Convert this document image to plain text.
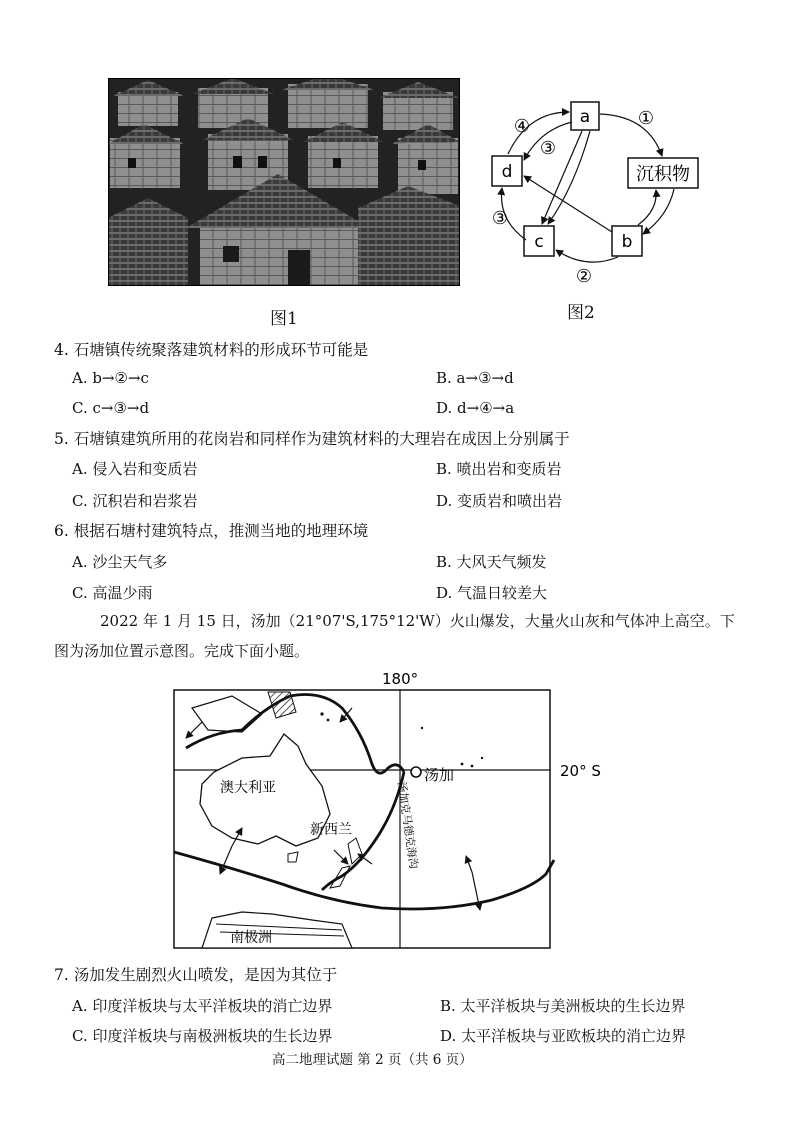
图1
a
沉积物
d
c	b
①
④
③
③
②
图2
4. 石塘镇传统聚落建筑材料的形成环节可能是
A. b→②→c	B. a→③→d
C. c→③→d	D. d→④→a
5. 石塘镇建筑所用的花岗岩和同样作为建筑材料的大理岩在成因上分别属于
A. 侵入岩和变质岩	B. 喷出岩和变质岩
C. 沉积岩和岩浆岩	D. 变质岩和喷出岩
6. 根据石塘村建筑特点，推测当地的地理环境
A. 沙尘天气多	B. 大风天气频发
C. 高温少雨	D. 气温日较差大
2022 年 1 月 15 日，汤加（21°07'S,175°12'W）火山爆发，大量火山灰和气体冲上高空。下
图为汤加位置示意图。完成下面小题。
180°
20° S
汤加
澳大利亚
新西兰
南极洲
汤加克马德克海沟
7. 汤加发生剧烈火山喷发，是因为其位于
A. 印度洋板块与太平洋板块的消亡边界	B. 太平洋板块与美洲板块的生长边界
C. 印度洋板块与南极洲板块的生长边界	D. 太平洋板块与亚欧板块的消亡边界
高二地理试题 第 2 页（共 6 页）
